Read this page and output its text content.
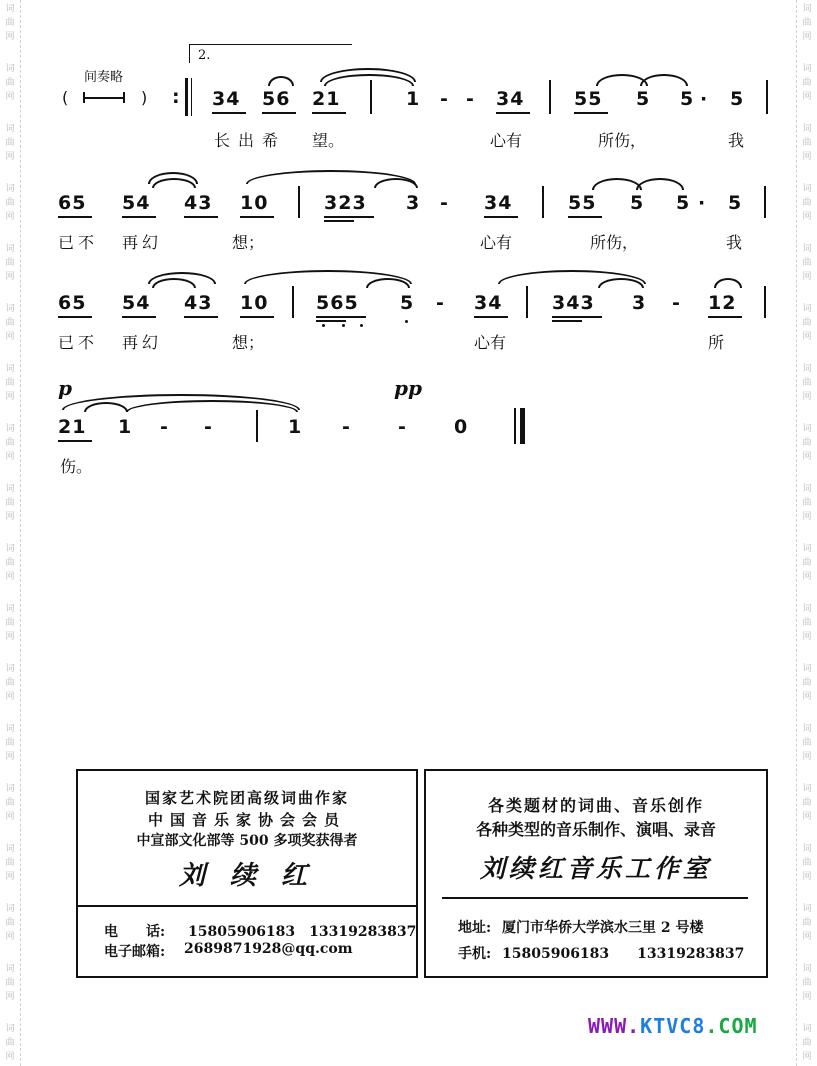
词
曲
网
词
曲
网
词
曲
网
词
曲
网
词
曲
网
词
曲
网
词
曲
网
词
曲
网
词
曲
网
词
曲
网
词
曲
网
词
曲
网
词
曲
网
词
曲
网
词
曲
网
词
曲
网
词
曲
网
词
曲
网
词
曲
网
词
曲
网
词
曲
网
词
曲
网
词
曲
网
词
曲
网
词
曲
网
词
曲
网
词
曲
网
词
曲
网
词
曲
网
词
曲
网
词
曲
网
词
曲
网
词
曲
网
词
曲
网
词
曲
网
词
曲
网
2.
间奏略
(	) : 34 56 21	1 - - 34	55 5 5 · 5
长出希 望。	心有	所伤，	我
65 54 43 10	323 3 - 34	55 5 5 · 5
已不 再幻	想；	心有	所伤，	我
65 54 43 10	565 5 - 34	343 3 - 12
已不 再幻	想；	心有	所
p	pp
21 1 - -	1 - - 0
伤。
国家艺术院团高级词曲作家
中国音乐家协会会员
中宣部文化部等 500 多项奖获得者
刘 续 红
电　　话: 15805906183　13319283837
电子邮箱: 2689871928@qq.com
各类题材的词曲、音乐创作
各种类型的音乐制作、演唱、录音
刘续红音乐工作室
地址: 厦门市华侨大学滨水三里 2 号楼
手机: 15805906183　　13319283837
WWW.KTVC8.COM
